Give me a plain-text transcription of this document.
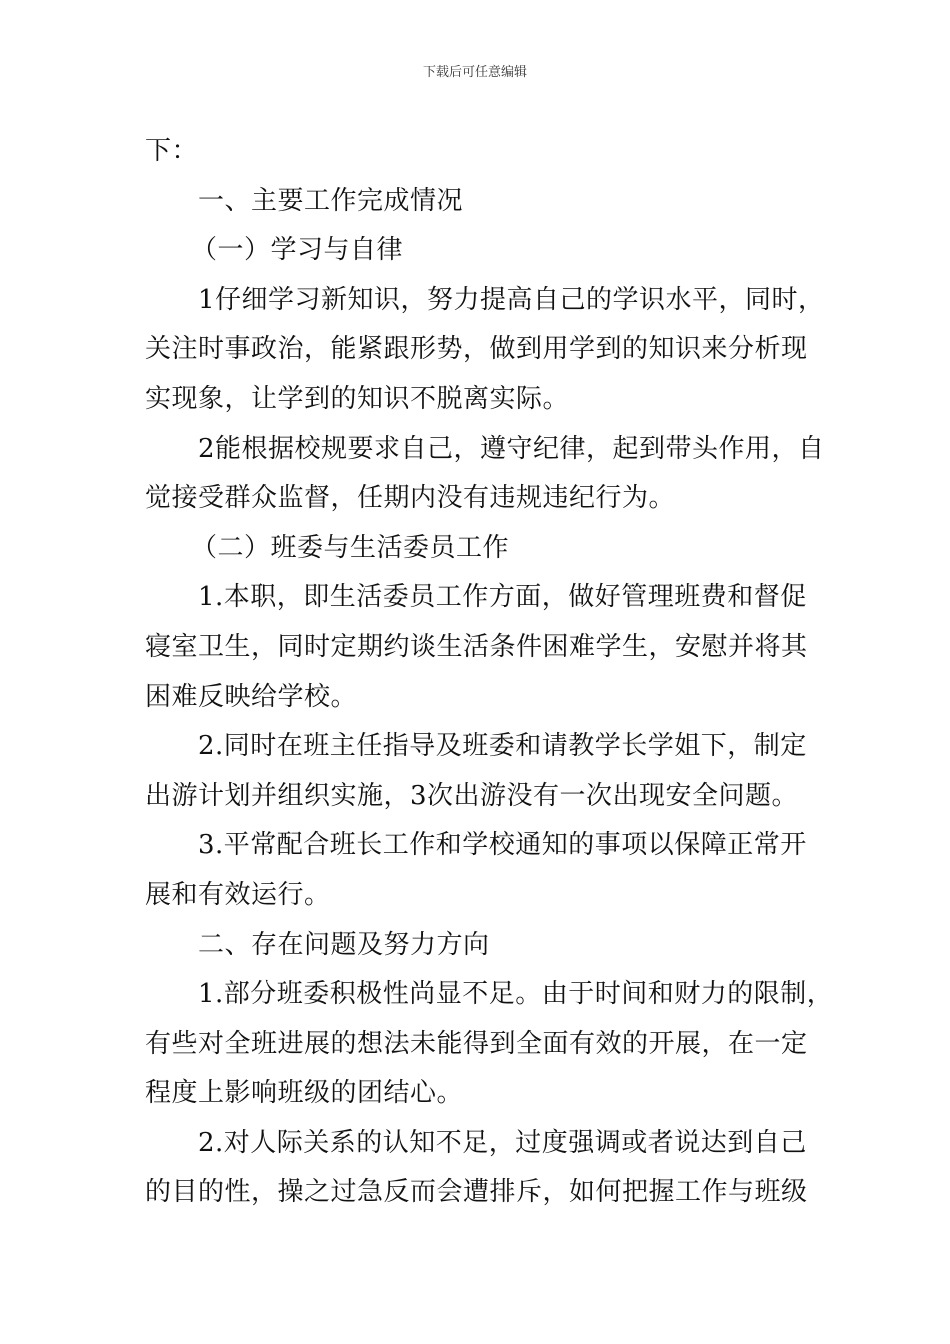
下载后可任意编辑
下：
一、主要工作完成情况
（一）学习与自律
1仔细学习新知识，努力提高自己的学识水平，同时，
关注时事政治，能紧跟形势，做到用学到的知识来分析现
实现象，让学到的知识不脱离实际。
2能根据校规要求自己，遵守纪律，起到带头作用，自
觉接受群众监督，任期内没有违规违纪行为。
（二）班委与生活委员工作
1.本职，即生活委员工作方面，做好管理班费和督促
寝室卫生，同时定期约谈生活条件困难学生，安慰并将其
困难反映给学校。
2.同时在班主任指导及班委和请教学长学姐下，制定
出游计划并组织实施，3次出游没有一次出现安全问题。
3.平常配合班长工作和学校通知的事项以保障正常开
展和有效运行。
二、存在问题及努力方向
1.部分班委积极性尚显不足。由于时间和财力的限制，
有些对全班进展的想法未能得到全面有效的开展，在一定
程度上影响班级的团结心。
2.对人际关系的认知不足，过度强调或者说达到自己
的目的性，操之过急反而会遭排斥，如何把握工作与班级
